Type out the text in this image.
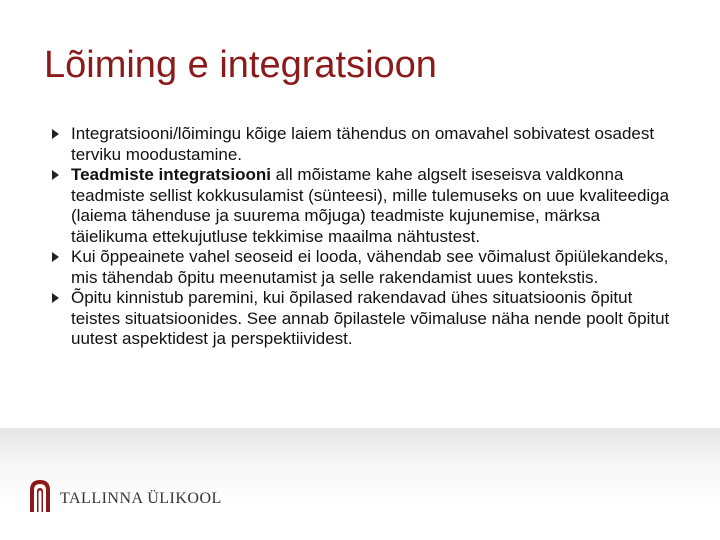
Lõiming e integratsioon
Integratsiooni/lõimingu kõige laiem tähendus on omavahel sobivatest osadest terviku moodustamine.
Teadmiste integratsiooni all mõistame kahe algselt iseseisva valdkonna teadmiste sellist kokkusulamist (sünteesi), mille tulemuseks on uue kvaliteediga (laiema tähenduse ja suurema mõjuga) teadmiste kujunemise, märksa täielikuma ettekujutluse tekkimise maailma nähtustest.
Kui õppeainete vahel seoseid ei looda, vähendab see võimalust õpiülekandeks, mis tähendab õpitu meenutamist ja selle rakendamist uues kontekstis.
Õpitu kinnistub paremini, kui õpilased rakendavad ühes situatsioonis õpitut teistes situatsioonides. See annab õpilastele võimaluse näha nende poolt õpitut uutest aspektidest ja perspektiividest.
TALLINNA ÜLIKOOL
